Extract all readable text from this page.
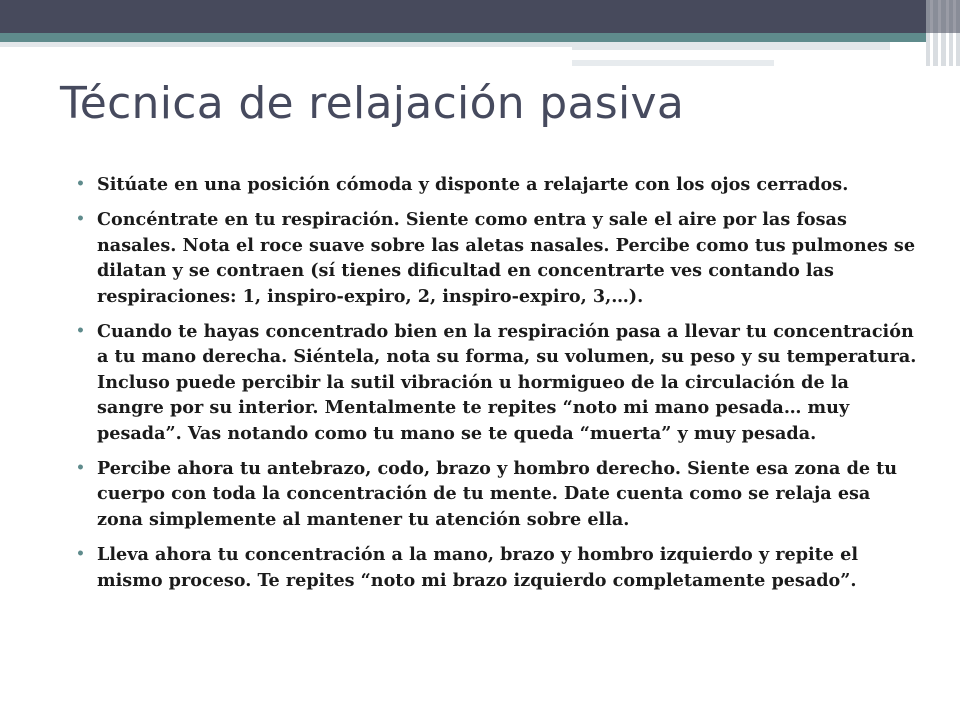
Técnica de relajación pasiva
• Sitúate en una posición cómoda y disponte a relajarte con los ojos cerrados.
• Concéntrate en tu respiración. Siente como entra y sale el aire por las fosas nasales. Nota el roce suave sobre las aletas nasales. Percibe como tus pulmones se dilatan y se contraen (sí tienes dificultad en concentrarte ves contando las respiraciones: 1, inspiro-expiro, 2, inspiro-expiro, 3,…).
• Cuando te hayas concentrado bien en la respiración pasa a llevar tu concentración a tu mano derecha. Siéntela, nota su forma, su volumen, su peso y su temperatura. Incluso puede percibir la sutil vibración u hormigueo de la circulación de la sangre por su interior. Mentalmente te repites “noto mi mano pesada… muy pesada”. Vas notando como tu mano se te queda “muerta” y muy pesada.
• Percibe ahora tu antebrazo, codo, brazo y hombro derecho. Siente esa zona de tu cuerpo con toda la concentración de tu mente. Date cuenta como se relaja esa zona simplemente al mantener tu atención sobre ella.
• Lleva ahora tu concentración a la mano, brazo y hombro izquierdo y repite el mismo proceso. Te repites “noto mi brazo izquierdo completamente pesado”.
